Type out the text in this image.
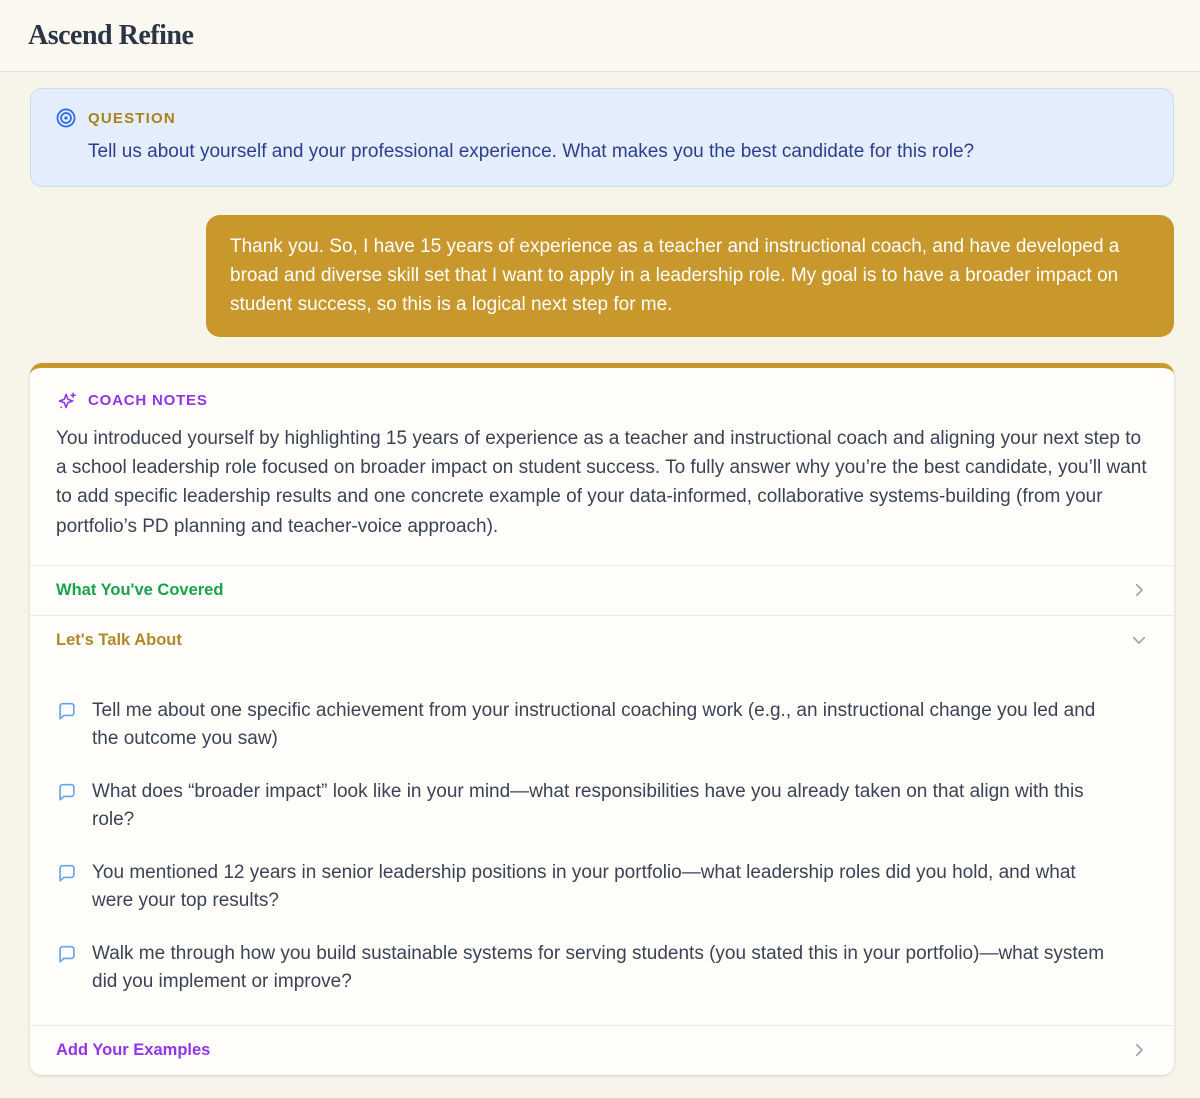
Ascend Refine
QUESTION
Tell us about yourself and your professional experience. What makes you the best candidate for this role?
Thank you. So, I have 15 years of experience as a teacher and instructional coach, and have developed a broad and diverse skill set that I want to apply in a leadership role. My goal is to have a broader impact on student success, so this is a logical next step for me.
COACH NOTES

You introduced yourself by highlighting 15 years of experience as a teacher and instructional coach and aligning your next step to a school leadership role focused on broader impact on student success. To fully answer why you’re the best candidate, you’ll want to add specific leadership results and one concrete example of your data-informed, collaborative systems-building (from your portfolio’s PD planning and teacher-voice approach).

What You've Covered
Let's Talk About
Tell me about one specific achievement from your instructional coaching work (e.g., an instructional change you led and the outcome you saw)
What does “broader impact” look like in your mind—what responsibilities have you already taken on that align with this role?
You mentioned 12 years in senior leadership positions in your portfolio—what leadership roles did you hold, and what were your top results?
Walk me through how you build sustainable systems for serving students (you stated this in your portfolio)—what system did you implement or improve?
Add Your Examples
